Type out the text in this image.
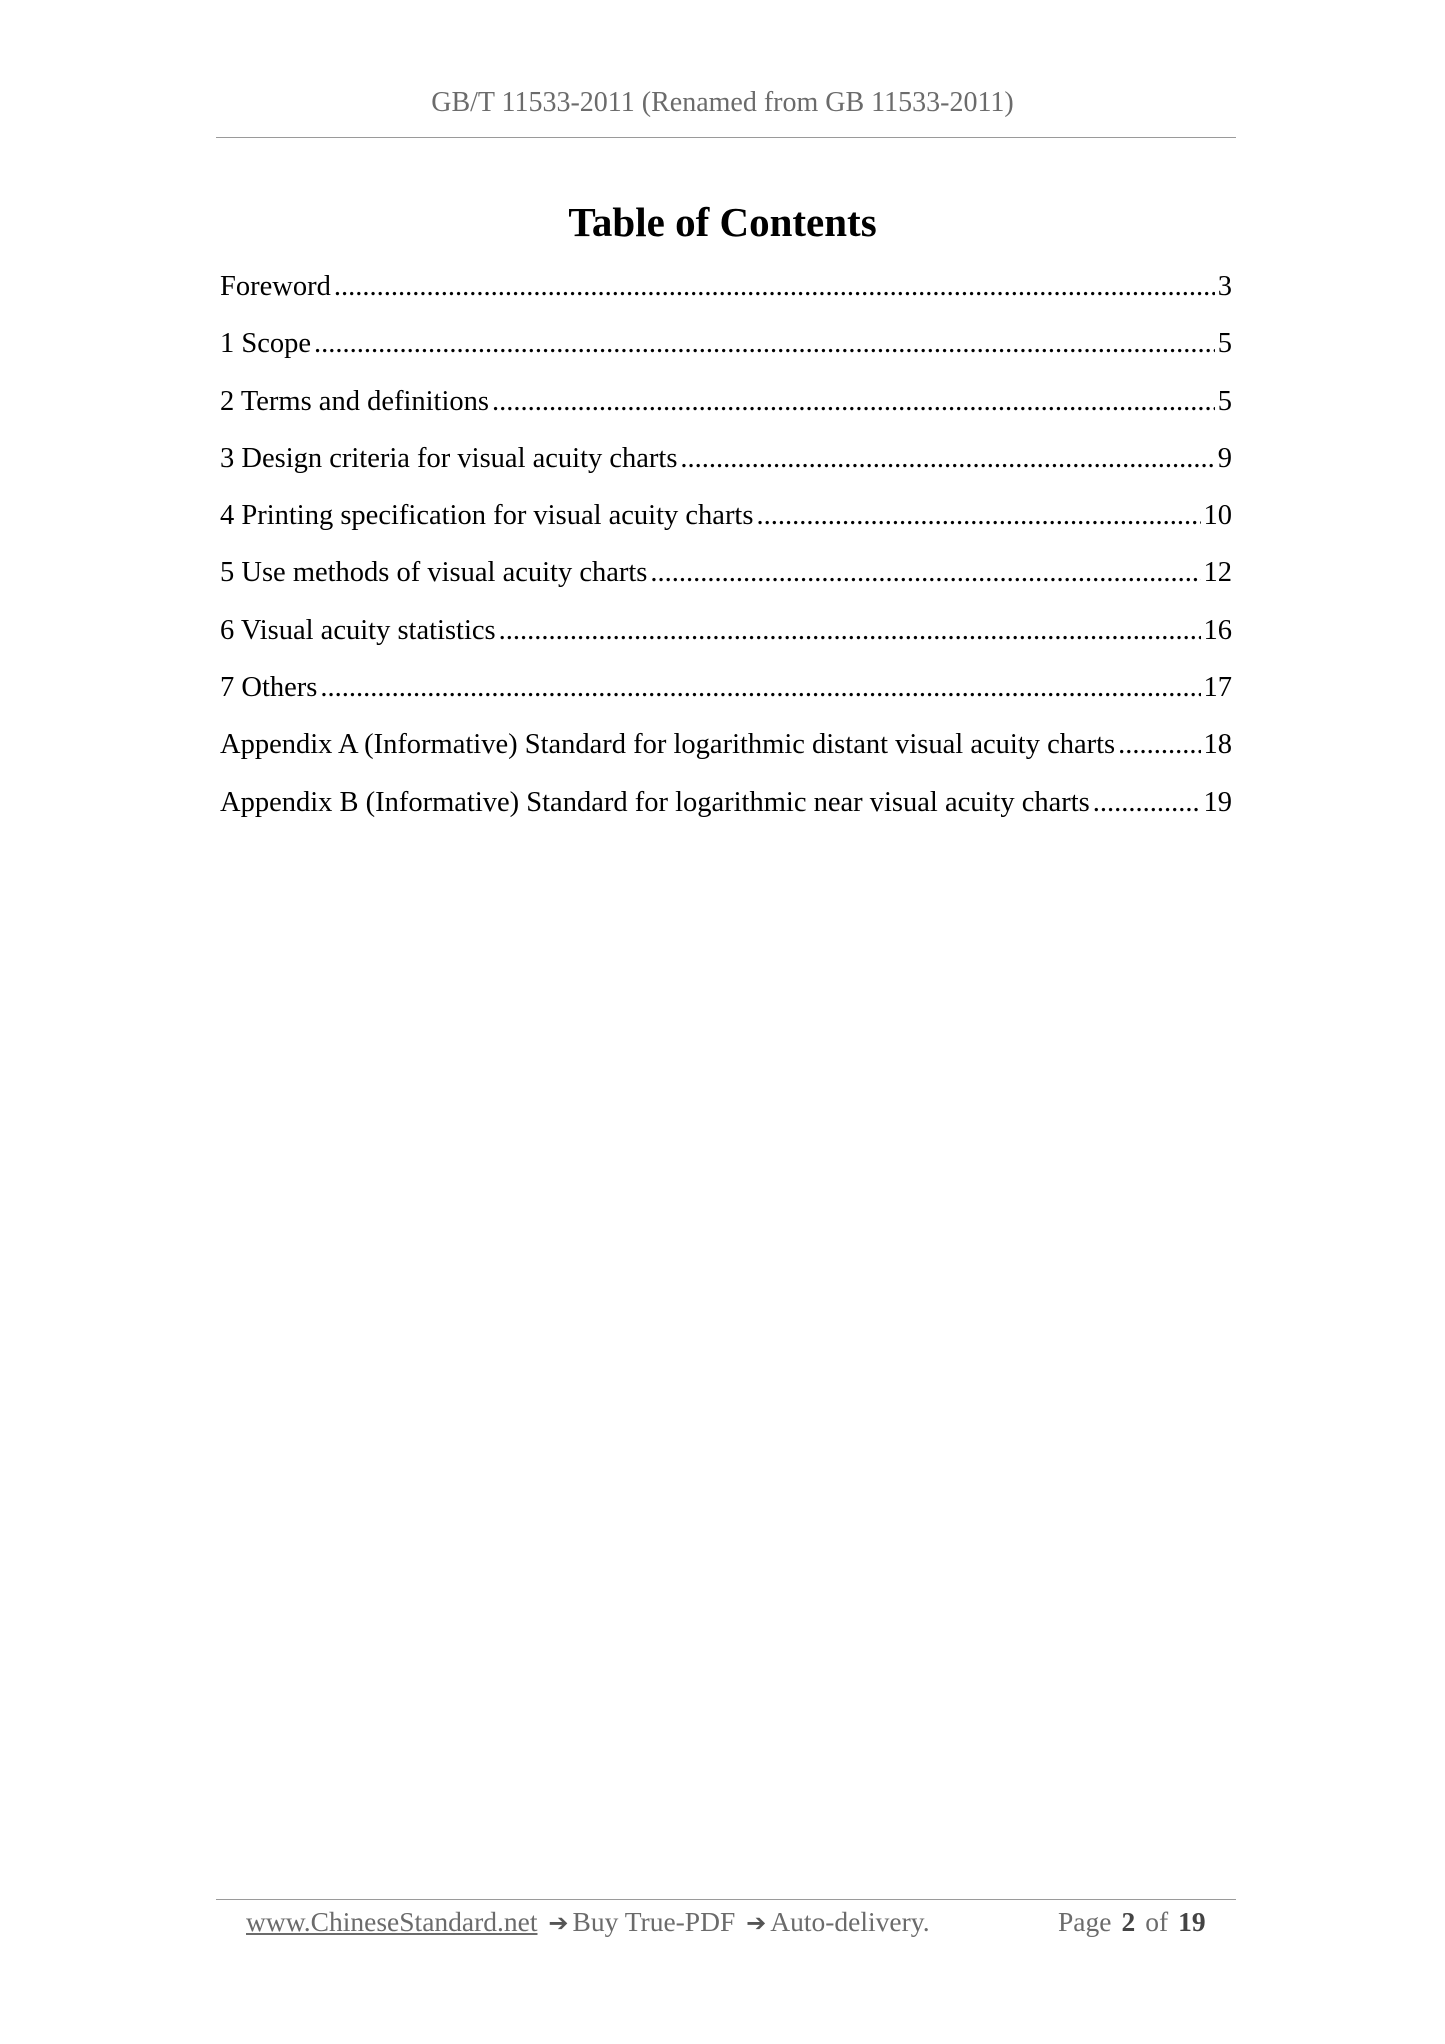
GB/T 11533-2011 (Renamed from GB 11533-2011)
Table of Contents
Foreword .....	3
1 Scope .....	5
2 Terms and definitions .....	5
3 Design criteria for visual acuity charts .....	9
4 Printing specification for visual acuity charts .....	10
5 Use methods of visual acuity charts .....	12
6 Visual acuity statistics .....	16
7 Others .....	17
Appendix A (Informative) Standard for logarithmic distant visual acuity charts .....	18
Appendix B (Informative) Standard for logarithmic near visual acuity charts .....	19
www.ChineseStandard.net ➔ Buy True-PDF ➔ Auto-delivery.	Page 2 of 19
